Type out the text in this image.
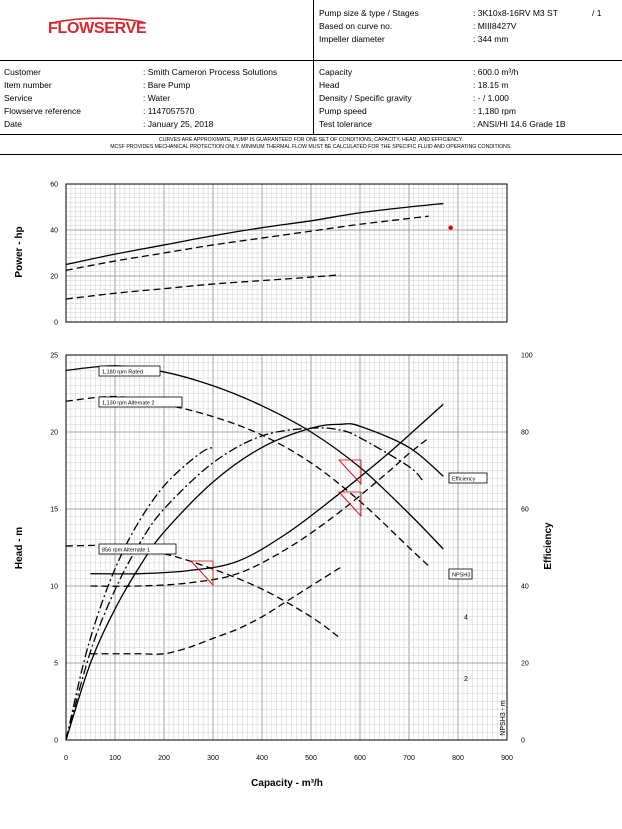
FLOWSERVE
Pump size & type / Stages	: 3K10x8-16RV M3 ST	/ 1
Based on curve no.	: MIII8427V
Impeller diameter	: 344 mm
Customer	: Smith Cameron Process Solutions
Item number	: Bare Pump
Service	: Water
Flowserve reference	: 1147057570
Date	: January 25, 2018
Capacity	: 600.0 m³/h
Head	: 18.15 m
Density / Specific gravity	: - / 1.000
Pump speed	: 1,180 rpm
Test tolerance	: ANSI/HI 14.6 Grade 1B
CURVES ARE APPROXIMATE, PUMP IS GUARANTEED FOR ONE SET OF CONDITIONS; CAPACITY, HEAD, AND EFFICIENCY.
MCSF PROVIDES MECHANICAL PROTECTION ONLY. MINIMUM THERMAL FLOW MUST BE CALCULATED FOR THE SPECIFIC FLUID AND OPERATING CONDITIONS.
0
20
40
60
0
5
10
15
20
25
0
20
40
60
80
100
2
4
0	100	200	300	400	500	600	700	800	900
Power - hp
Head - m	Efficiency
NPSH3 - m
Capacity - m³/h
1,180 rpm Rated
1,130 rpm Alternate 2
856 rpm Alternate 1
Efficiency
NPSH3
